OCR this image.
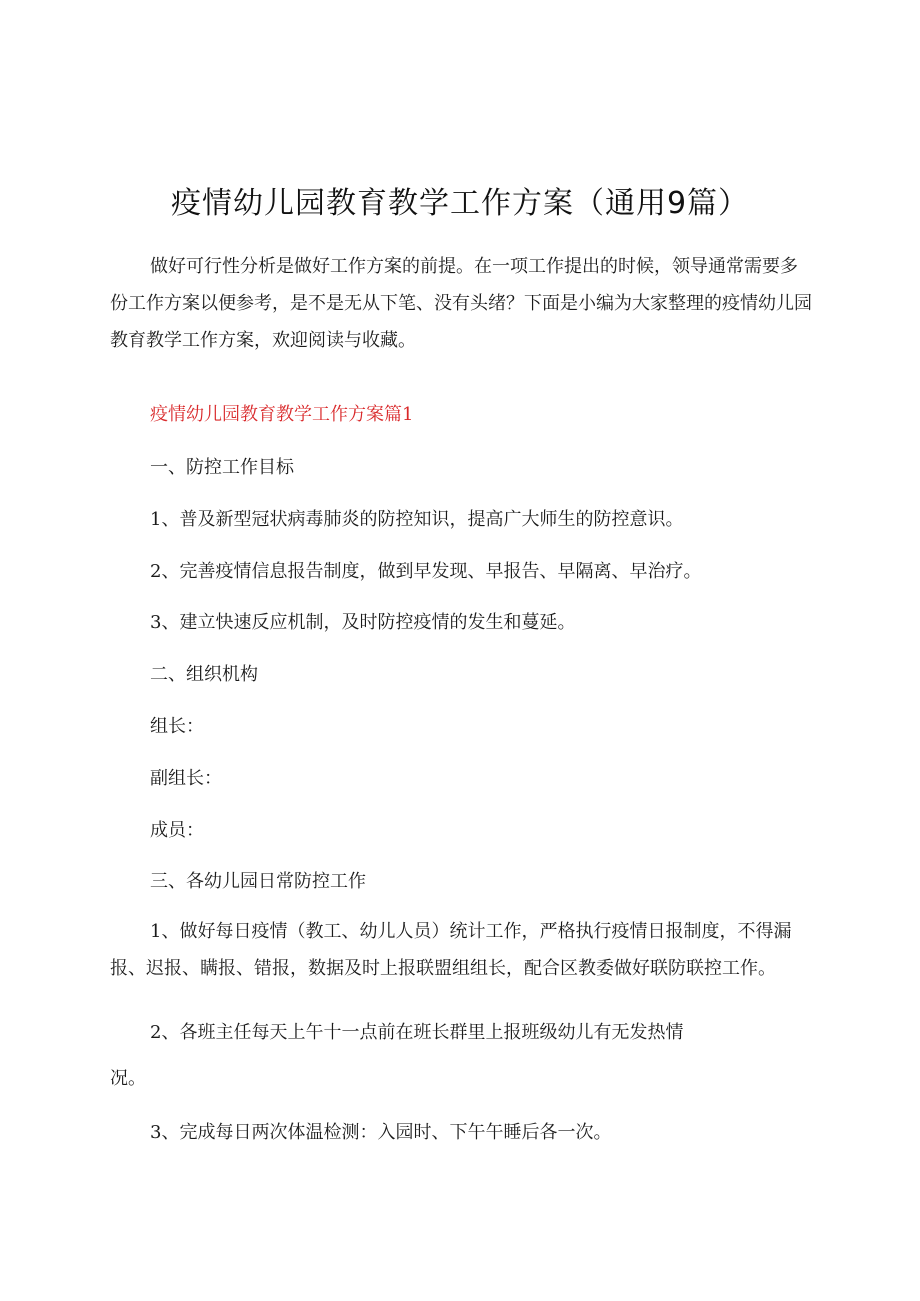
疫情幼儿园教育教学工作方案（通用9篇）
做好可行性分析是做好工作方案的前提。在一项工作提出的时候，领导通常需要多份工作方案以便参考，是不是无从下笔、没有头绪？下面是小编为大家整理的疫情幼儿园教育教学工作方案，欢迎阅读与收藏。
疫情幼儿园教育教学工作方案篇1
一、防控工作目标
1、普及新型冠状病毒肺炎的防控知识，提高广大师生的防控意识。
2、完善疫情信息报告制度，做到早发现、早报告、早隔离、早治疗。
3、建立快速反应机制，及时防控疫情的发生和蔓延。
二、组织机构
组长：
副组长：
成员：
三、各幼儿园日常防控工作
1、做好每日疫情（教工、幼儿人员）统计工作，严格执行疫情日报制度，不得漏报、迟报、瞒报、错报，数据及时上报联盟组组长，配合区教委做好联防联控工作。
2、各班主任每天上午十一点前在班长群里上报班级幼儿有无发热情
况。
3、完成每日两次体温检测：入园时、下午午睡后各一次。
